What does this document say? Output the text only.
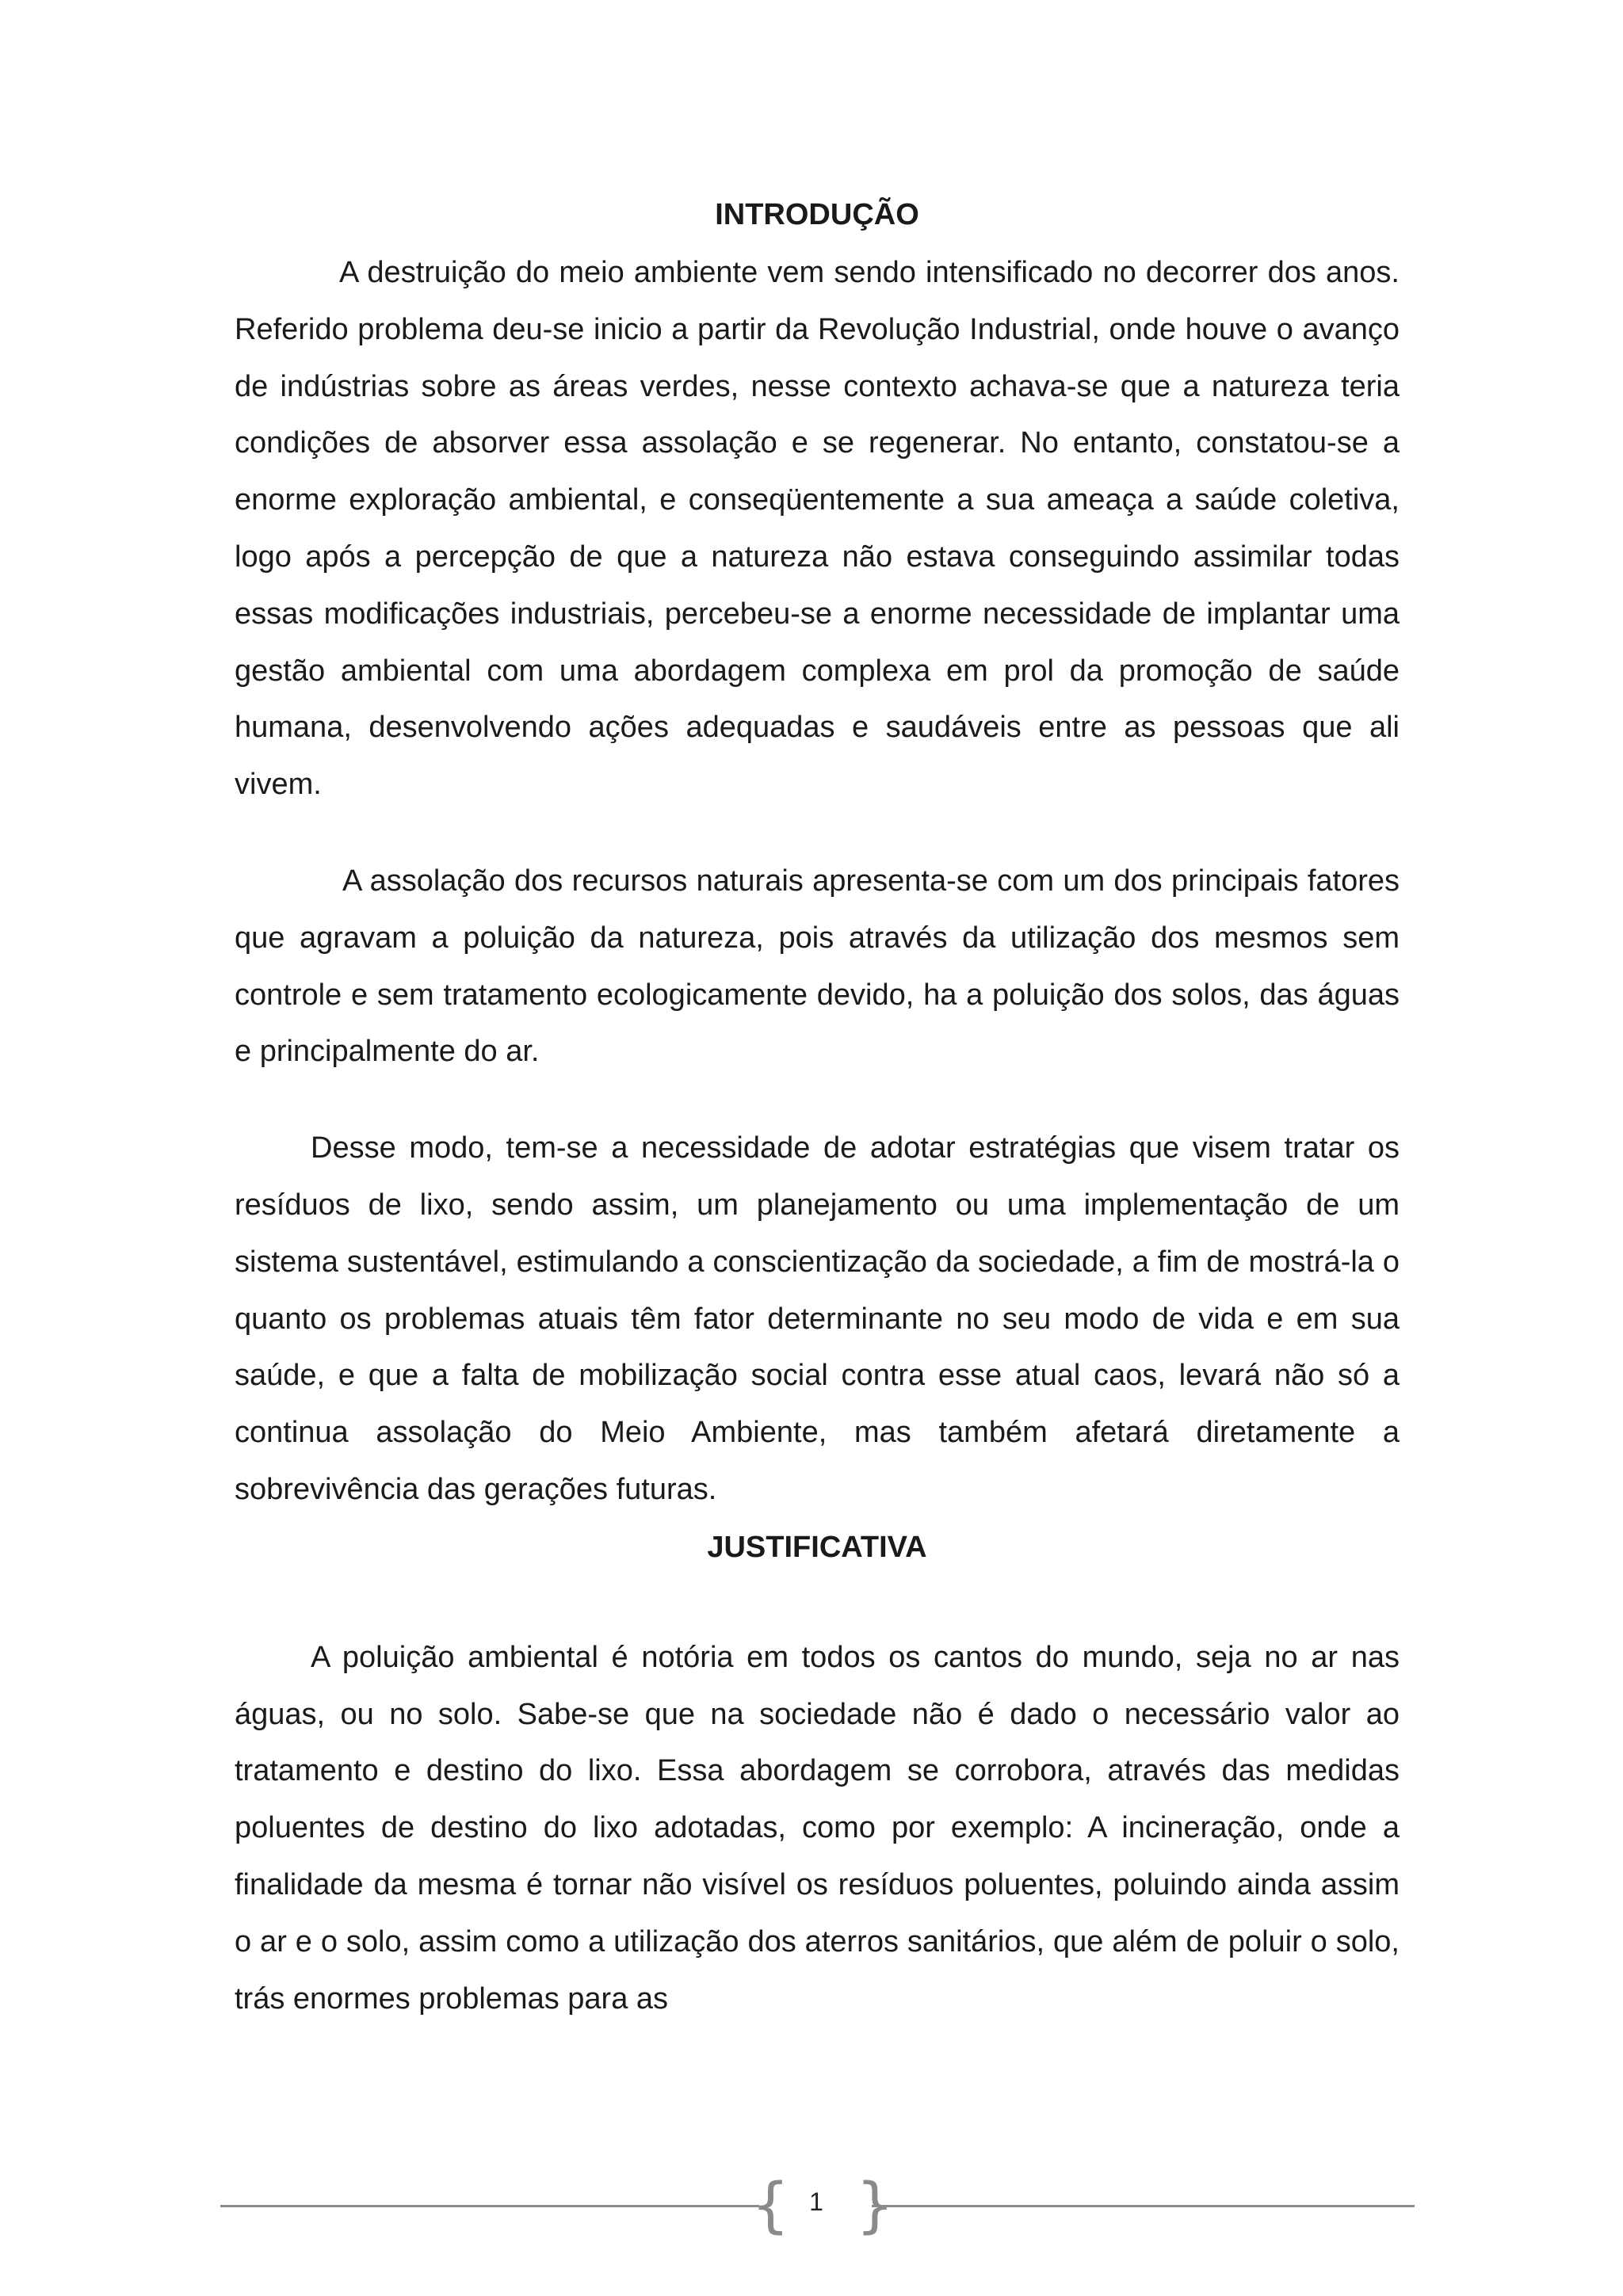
INTRODUÇÃO

A destruição do meio ambiente vem sendo intensificado no decorrer dos anos. Referido problema deu-se inicio a partir da Revolução Industrial, onde houve o avanço de indústrias sobre as áreas verdes, nesse contexto achava-se que a natureza teria condições de absorver essa assolação e se regenerar. No entanto, constatou-se a enorme exploração ambiental, e conseqüentemente a sua ameaça a saúde coletiva, logo após a percepção de que a natureza não estava conseguindo assimilar todas essas modificações industriais, percebeu-se a enorme necessidade de implantar uma gestão ambiental com uma abordagem complexa em prol da promoção de saúde humana, desenvolvendo ações adequadas e saudáveis entre as pessoas que ali vivem.

A assolação dos recursos naturais apresenta-se com um dos principais fatores que agravam a poluição da natureza, pois através da utilização dos mesmos sem controle e sem tratamento ecologicamente devido, ha a poluição dos solos, das águas e principalmente do ar.

Desse modo, tem-se a necessidade de adotar estratégias que visem tratar os resíduos de lixo, sendo assim, um planejamento ou uma implementação de um sistema sustentável, estimulando a conscientização da sociedade, a fim de mostrá-la o quanto os problemas atuais têm fator determinante no seu modo de vida e em sua saúde, e que a falta de mobilização social contra esse atual caos, levará não só a continua assolação do Meio Ambiente, mas também afetará diretamente a sobrevivência das gerações futuras.

JUSTIFICATIVA

A poluição ambiental é notória em todos os cantos do mundo, seja no ar nas águas, ou no solo. Sabe-se que na sociedade não é dado o necessário valor ao tratamento e destino do lixo. Essa abordagem se corrobora, através das medidas poluentes de destino do lixo adotadas, como por exemplo: A incineração, onde a finalidade da mesma é tornar não visível os resíduos poluentes, poluindo ainda assim o ar e o solo, assim como a utilização dos aterros sanitários, que além de poluir o solo, trás enormes problemas para as

{ 1 }
